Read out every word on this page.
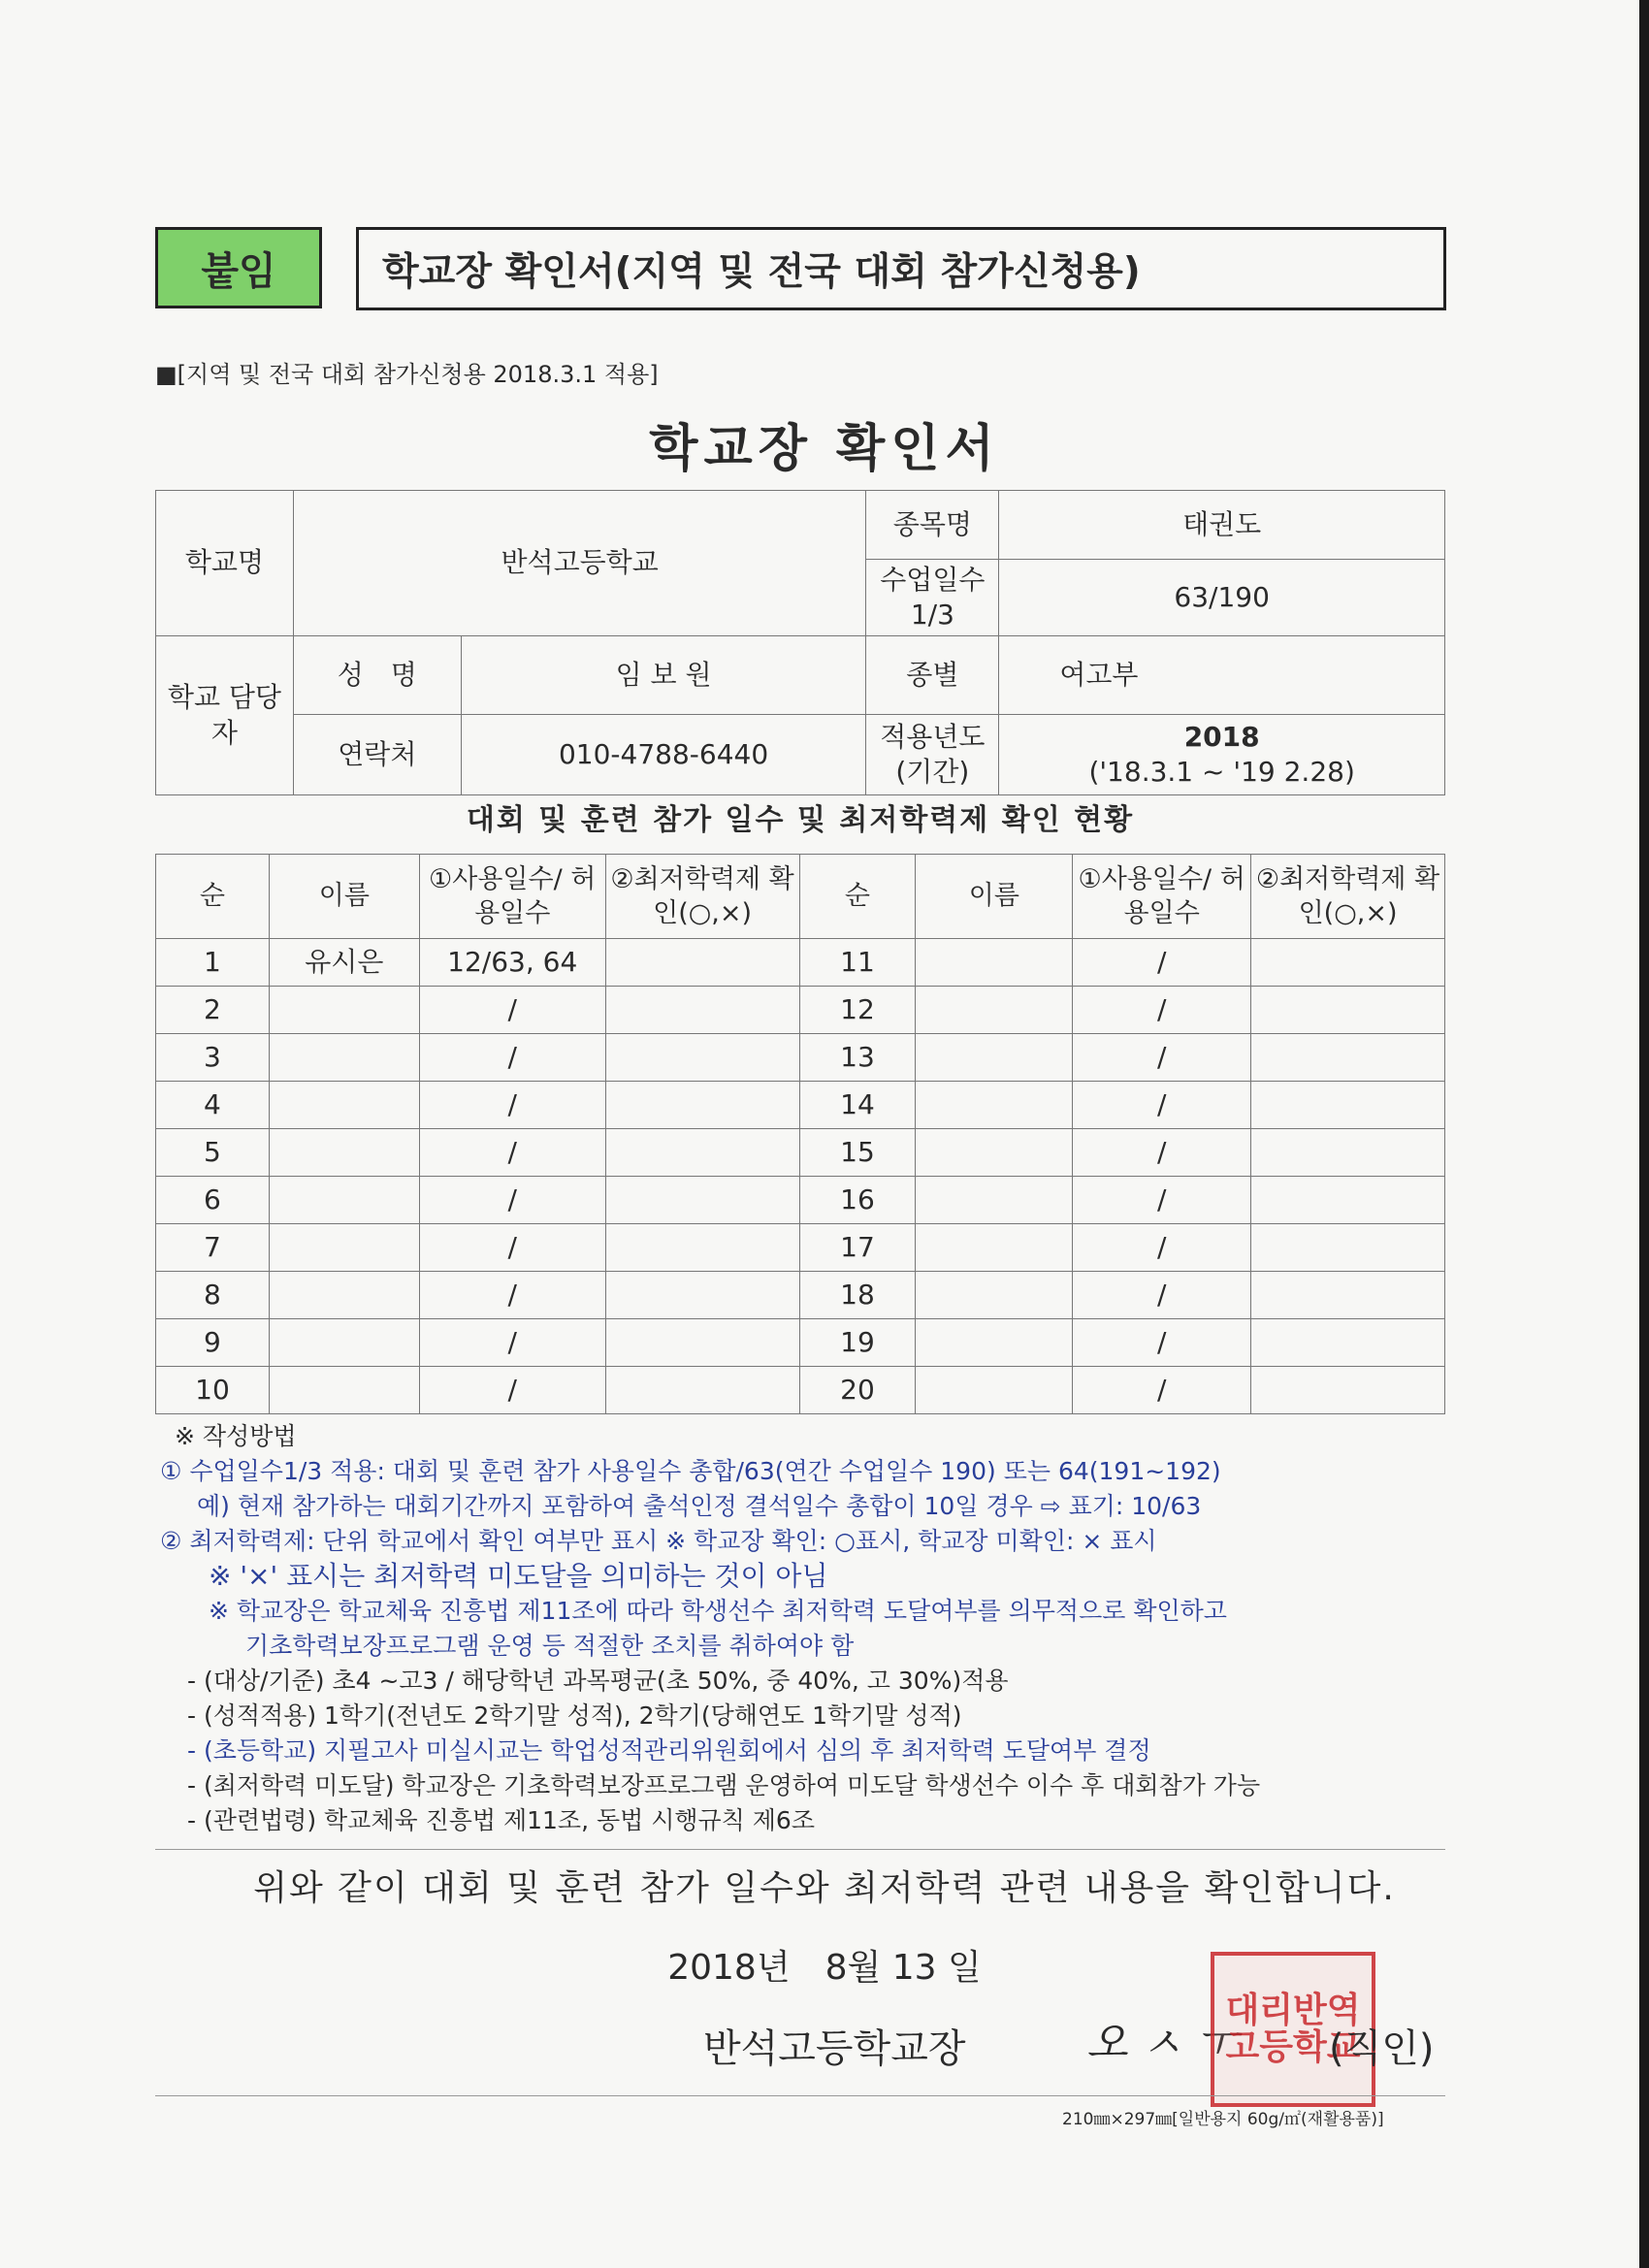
붙임	학교장 확인서(지역 및 전국 대회 참가신청용)
■[지역 및 전국 대회 참가신청용 2018.3.1 적용]
학교장 확인서
학교명	반석고등학교		종목명	태권도
			수업일수 1/3	63/190
학교 담당자	성　명	임 보 원	종별	여고부
	연락처	010-4788-6440	적용년도 (기간)	2018
('18.3.1 ~ '19 2.28)
대회 및 훈련 참가 일수 및 최저학력제 확인 현황
순	이름	①사용일수/ 허용일수	②최저학력제 확인(○,×)	순	이름	①사용일수/ 허용일수	②최저학력제 확인(○,×)
1	유시은	12/63, 64		11		/	
2		/		12		/	
3		/		13		/	
4		/		14		/	
5		/		15		/	
6		/		16		/	
7		/		17		/	
8		/		18		/	
9		/		19		/	
10		/		20		/	
※ 작성방법
① 수업일수1/3 적용: 대회 및 훈련 참가 사용일수 총합/63(연간 수업일수 190) 또는 64(191~192)
예) 현재 참가하는 대회기간까지 포함하여 출석인정 결석일수 총합이 10일 경우 ⇨ 표기: 10/63
② 최저학력제: 단위 학교에서 확인 여부만 표시 ※ 학교장 확인: ○표시, 학교장 미확인: × 표시
※ '×' 표시는 최저학력 미도달을 의미하는 것이 아님
※ 학교장은 학교체육 진흥법 제11조에 따라 학생선수 최저학력 도달여부를 의무적으로 확인하고
기초학력보장프로그램 운영 등 적절한 조치를 취하여야 함
- (대상/기준) 초4 ~고3 / 해당학년 과목평균(초 50%, 중 40%, 고 30%)적용
- (성적적용) 1학기(전년도 2학기말 성적), 2학기(당해연도 1학기말 성적)
- (초등학교) 지필고사 미실시교는 학업성적관리위원회에서 심의 후 최저학력 도달여부 결정
- (최저학력 미도달) 학교장은 기초학력보장프로그램 운영하여 미도달 학생선수 이수 후 대회참가 가능
- (관련법령) 학교체육 진흥법 제11조, 동법 시행규칙 제6조
위와 같이 대회 및 훈련 참가 일수와 최저학력 관련 내용을 확인합니다.
2018년　8월 13 일
반석고등학교장	오 ㅅ ㅜ
대리반역 고등학교
(직인)
210㎜×297㎜[일반용지 60g/㎡(재활용품)]
